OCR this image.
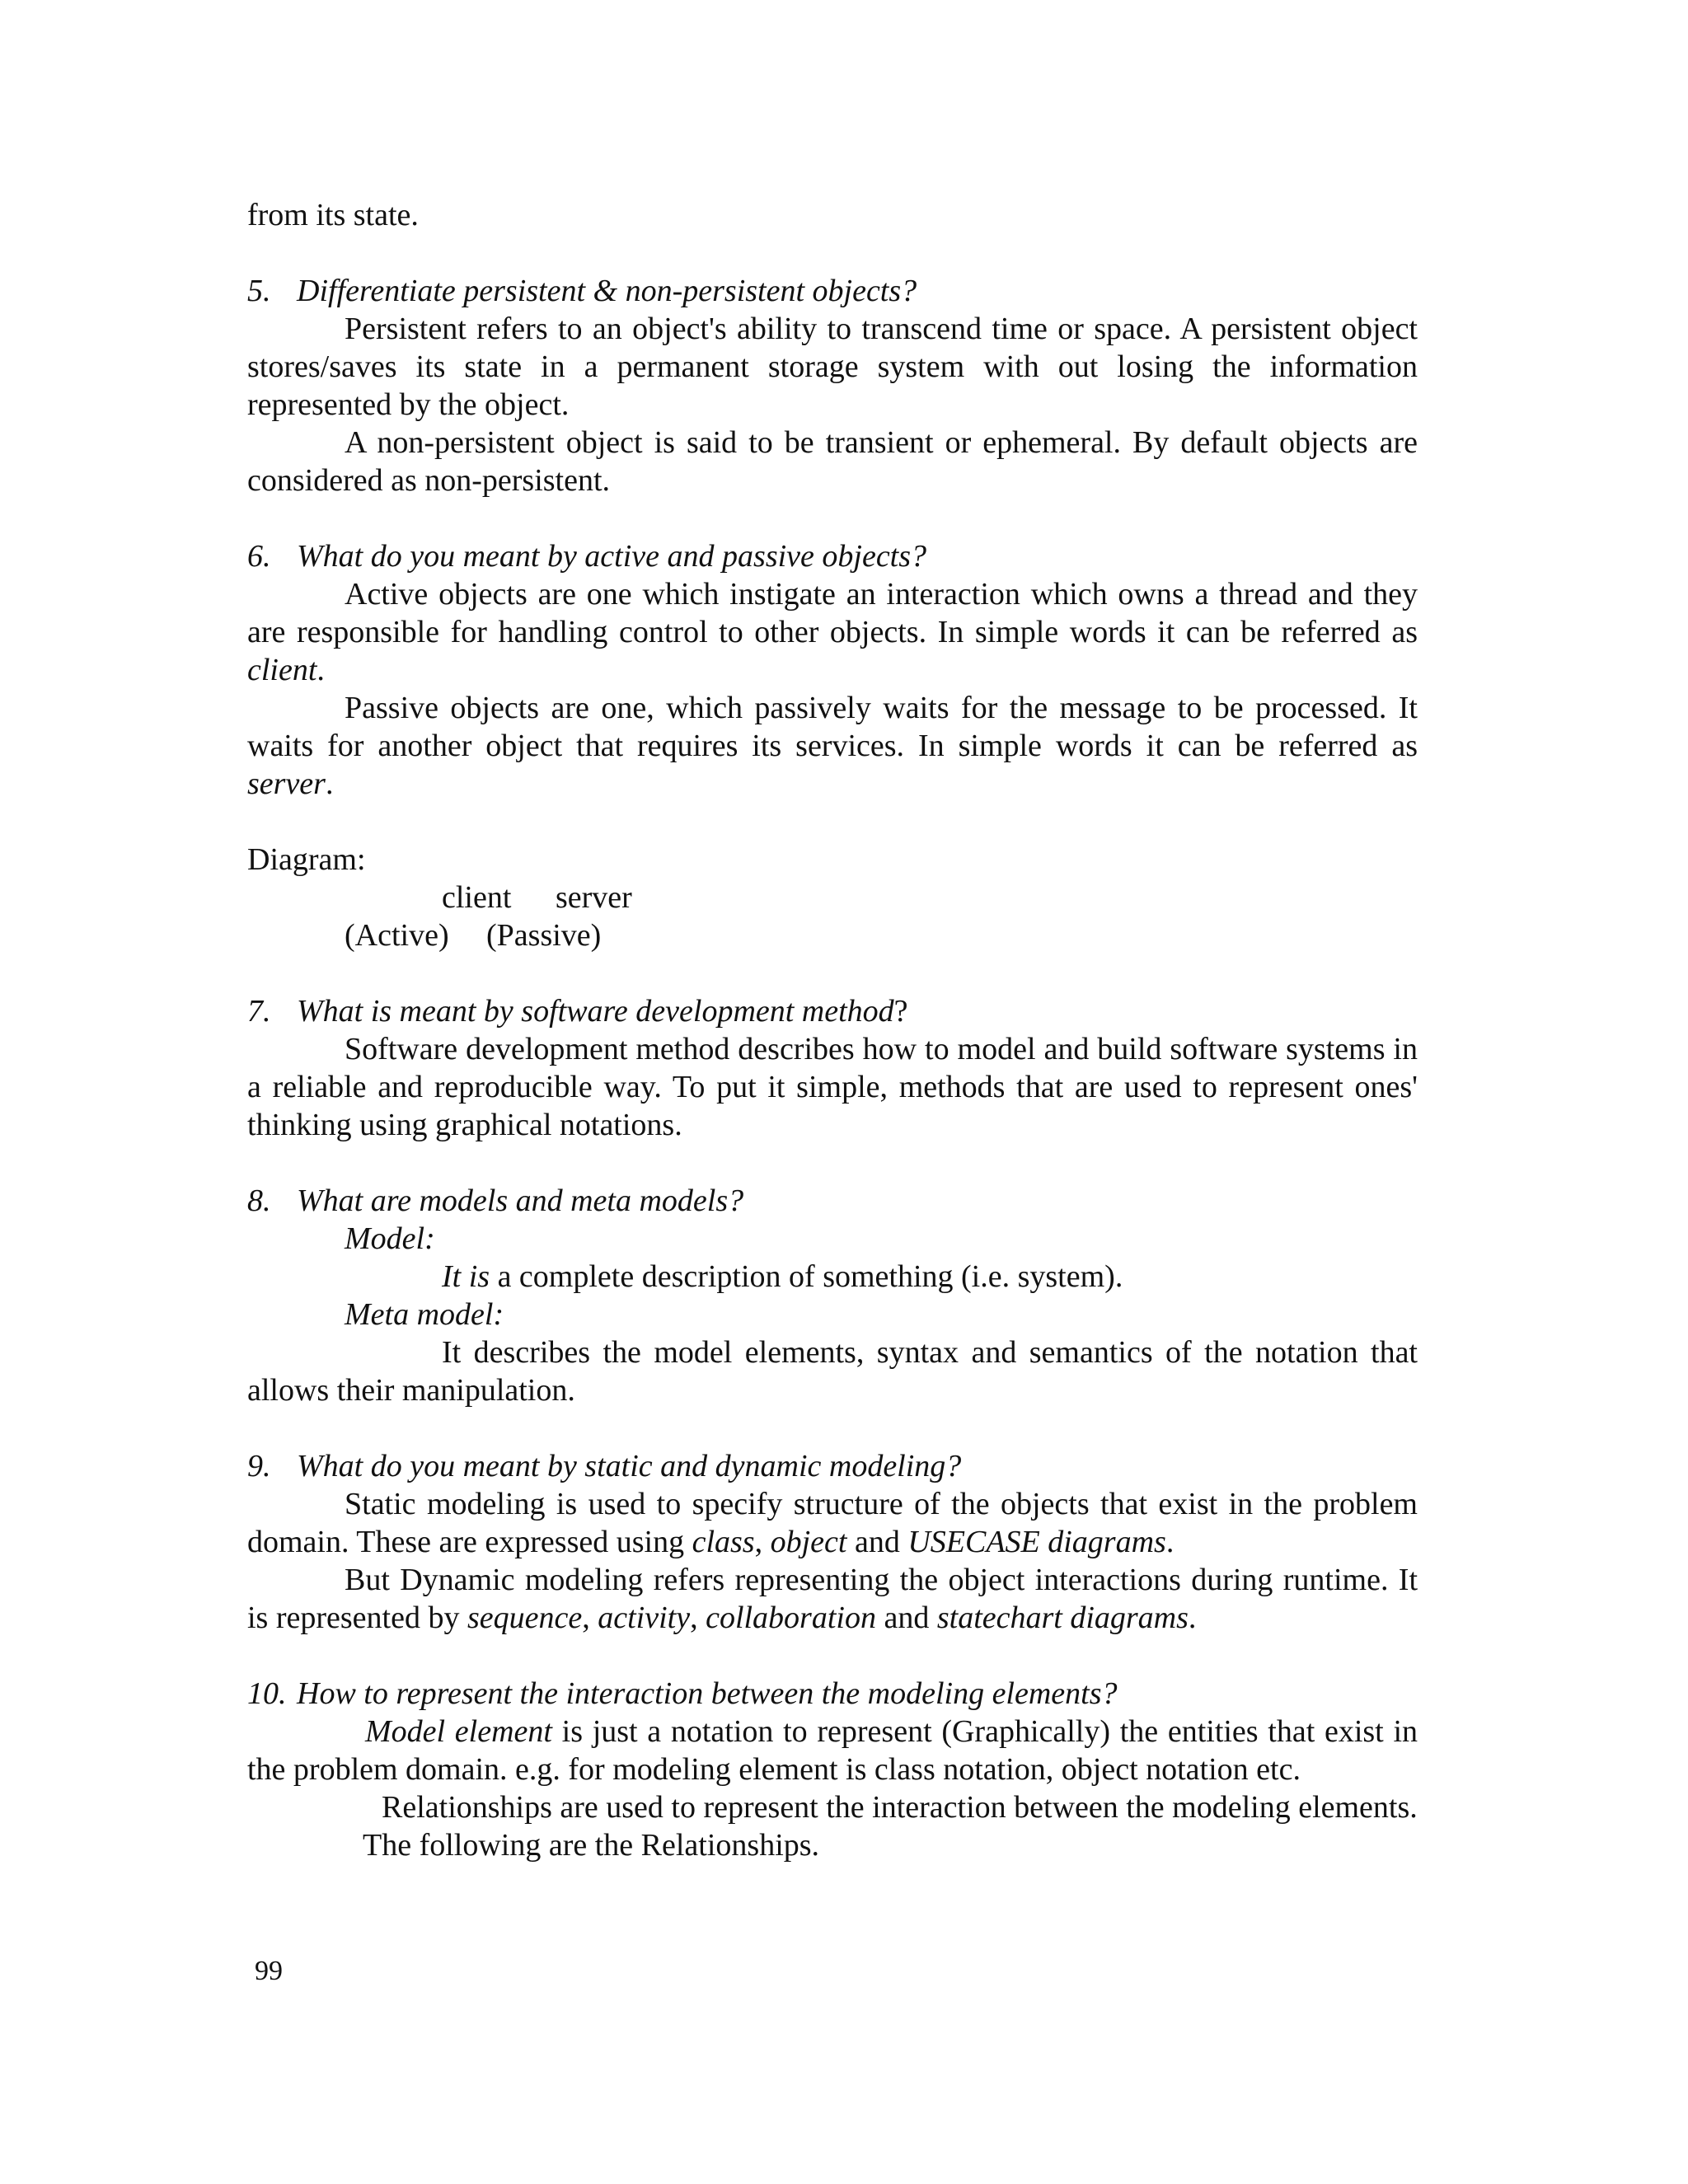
from its state.

5. Differentiate persistent & non-persistent objects?

Persistent refers to an object's ability to transcend time or space. A persistent object stores/saves its state in a permanent storage system with out losing the information represented by the object.

A non-persistent object is said to be transient or ephemeral. By default objects are considered as non-persistent.

6. What do you meant by active and passive objects?

Active objects are one which instigate an interaction which owns a thread and they are responsible for handling control to other objects. In simple words it can be referred as client.

Passive objects are one, which passively waits for the message to be processed. It waits for another object that requires its services. In simple words it can be referred as server.

Diagram:

client server
(Active) (Passive)
7. What is meant by software development method?

Software development method describes how to model and build software systems in a reliable and reproducible way. To put it simple, methods that are used to represent ones' thinking using graphical notations.

8. What are models and meta models?

Model:

It is a complete description of something (i.e. system).

Meta model:

It describes the model elements, syntax and semantics of the notation that allows their manipulation.

9. What do you meant by static and dynamic modeling?

Static modeling is used to specify structure of the objects that exist in the problem domain. These are expressed using class, object and USECASE diagrams.

But Dynamic modeling refers representing the object interactions during runtime. It is represented by sequence, activity, collaboration and statechart diagrams.

10. How to represent the interaction between the modeling elements?

Model element is just a notation to represent (Graphically) the entities that exist in the problem domain. e.g. for modeling element is class notation, object notation etc.

Relationships are used to represent the interaction between the modeling elements.

The following are the Relationships.

99
